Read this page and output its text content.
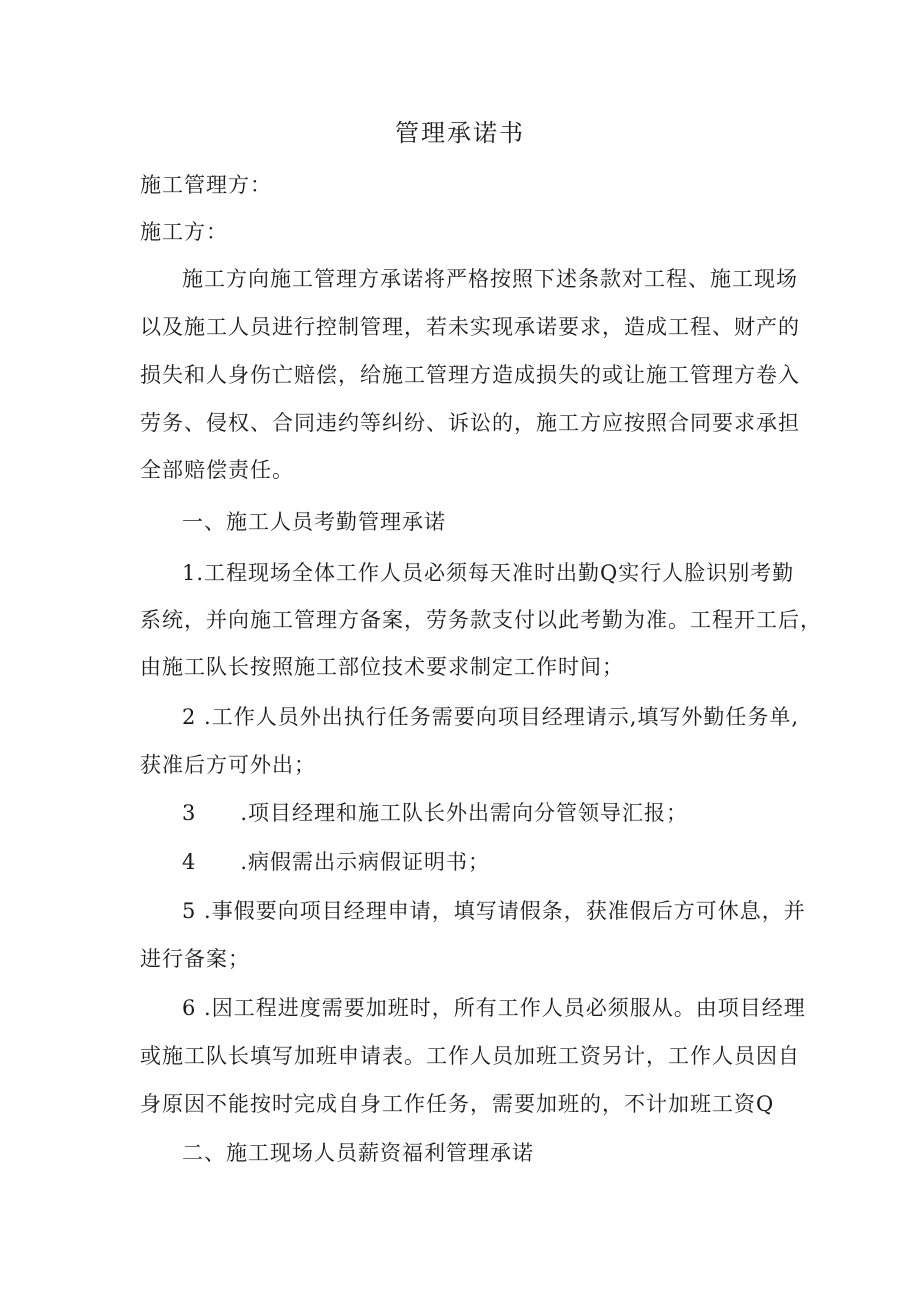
管理承诺书
施工管理方：
施工方：
施工方向施工管理方承诺将严格按照下述条款对工程、施工现场
以及施工人员进行控制管理，若未实现承诺要求，造成工程、财产的
损失和人身伤亡赔偿，给施工管理方造成损失的或让施工管理方卷入
劳务、侵权、合同违约等纠纷、诉讼的，施工方应按照合同要求承担
全部赔偿责任。
一、施工人员考勤管理承诺
1.工程现场全体工作人员必须每天准时出勤Q实行人脸识别考勤
系统，并向施工管理方备案，劳务款支付以此考勤为准。工程开工后，
由施工队长按照施工部位技术要求制定工作时间；
2 .工作人员外出执行任务需要向项目经理请示,填写外勤任务单,
获准后方可外出；
3　　.项目经理和施工队长外出需向分管领导汇报；
4　　.病假需出示病假证明书；
5 .事假要向项目经理申请，填写请假条，获准假后方可休息，并
进行备案；
6 .因工程进度需要加班时，所有工作人员必须服从。由项目经理
或施工队长填写加班申请表。工作人员加班工资另计，工作人员因自
身原因不能按时完成自身工作任务，需要加班的，不计加班工资Q
二、施工现场人员薪资福利管理承诺
